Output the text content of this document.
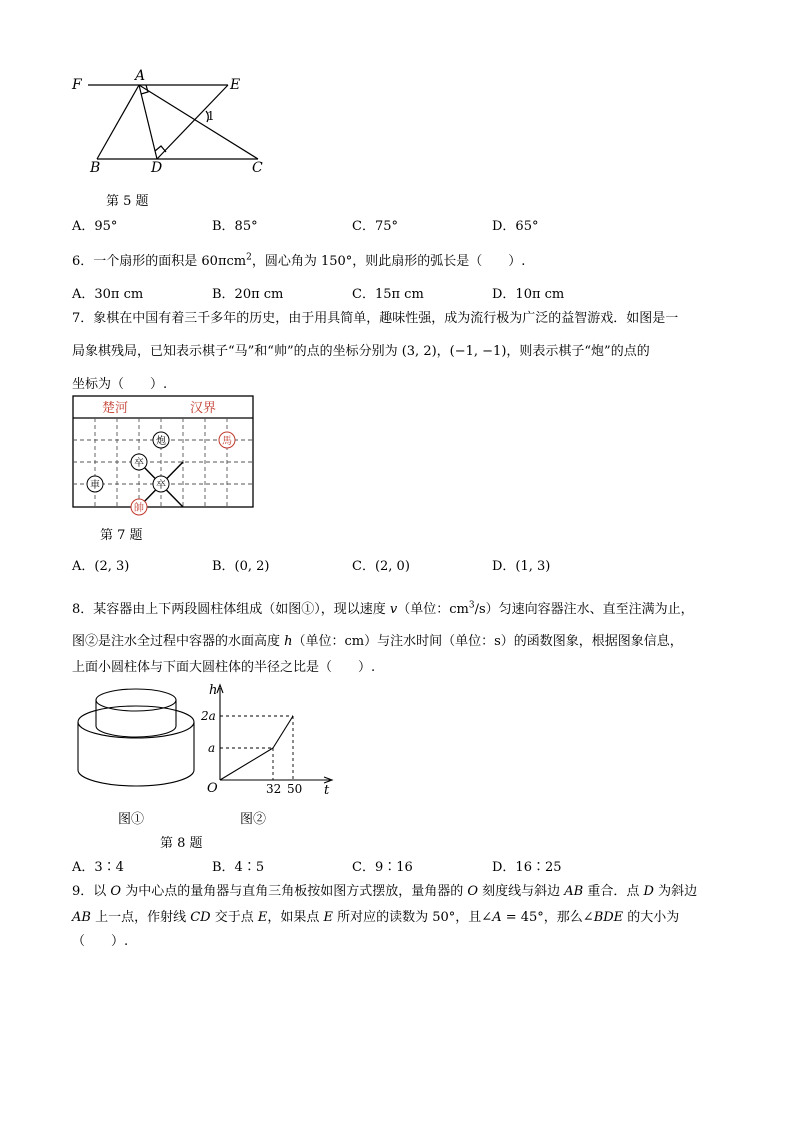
F
A
E
B	D	C
1
第 5 题
A．95°	B．85°	C．75°	D．65°
6．一个扇形的面积是 60πcm$^2$，圆心角为 150°，则此扇形的弧长是（　　）.
A．30π cm	B．20π cm	C．15π cm	D．10π cm
7．象棋在中国有着三千多年的历史，由于用具简单，趣味性强，成为流行极为广泛的益智游戏．如图是一
局象棋残局，已知表示棋子“马”和“帅”的点的坐标分别为 (3, 2)，(−1, −1)，则表示棋子“炮”的点的
坐标为（　　）.
楚河	汉界
炮	馬
卒
卒
車
帥
第 7 题
A．(2, 3)	B．(0, 2)	C．(2, 0)	D．(1, 3)
8．某容器由上下两段圆柱体组成（如图①），现以速度 v（单位：$cm^3/s$）匀速向容器注水、直至注满为止，
图②是注水全过程中容器的水面高度 h（单位：cm）与注水时间（单位：s）的函数图象，根据图象信息，
上面小圆柱体与下面大圆柱体的半径之比是（　　）.
h
t
O
2a
a
32 50
图①	图②
第 8 题
A．3∶4	B．4∶5	C．9∶16	D．16∶25
9．以 O 为中心点的量角器与直角三角板按如图方式摆放，量角器的 O 刻度线与斜边 AB 重合．点 D 为斜边
AB 上一点，作射线 CD 交于点 E，如果点 E 所对应的读数为 50°，且∠A = 45°，那么∠BDE 的大小为
（　　）.
